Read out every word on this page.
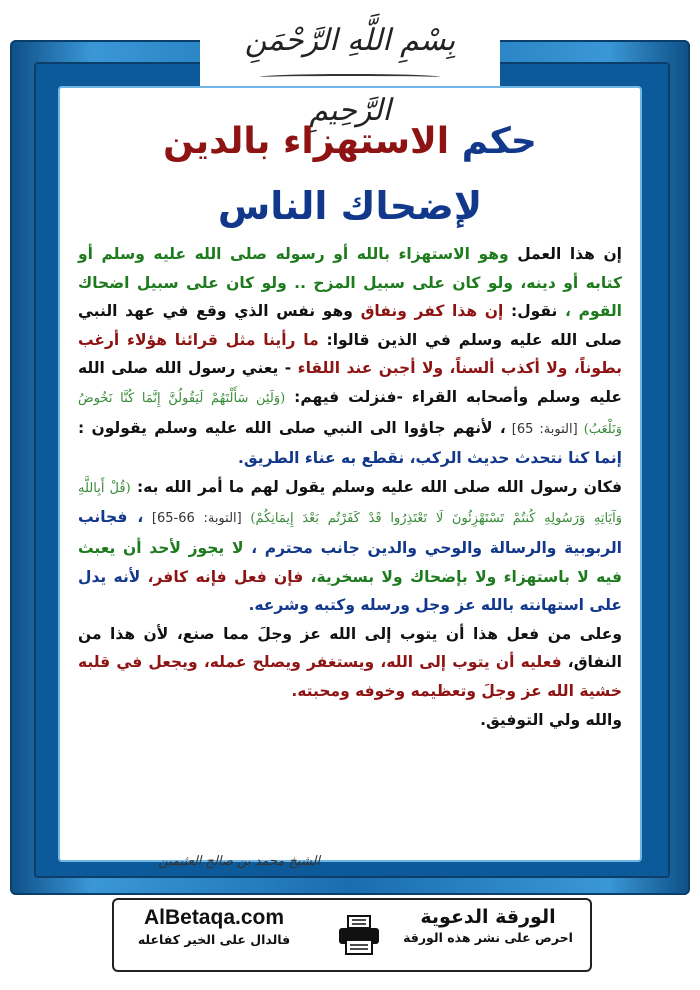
بِسْمِ اللَّهِ الرَّحْمَنِ الرَّحِيمِ
حكم الاستهزاء بالدين
لإضحاك الناس

إن هذا العمل وهو الاستهزاء بالله أو رسوله صلى الله عليه وسلم أو كتابه أو دينه، ولو كان على سبيل المزح .. ولو كان على سبيل اضحاك القوم ، نقول: إن هذا كفر ونفاق وهو نفس الذي وقع في عهد النبي صلى الله عليه وسلم في الذين قالوا: ما رأينا مثل قرائنا هؤلاء أرغب بطوناً، ولا أكذب ألسناً، ولا أجبن عند اللقاء - يعني رسول الله صلى الله عليه وسلم وأصحابه القراء -فنزلت فيهم: (وَلَئِن سَأَلْتَهُمْ لَيَقُولُنَّ إِنَّمَا كُنَّا نَخُوضُ وَنَلْعَبُ) [التوبة: 65] ، لأنهم جاؤوا الى النبي صلى الله عليه وسلم يقولون : إنما كنا نتحدث حديث الركب، نقطع به عناء الطريق.

فكان رسول الله صلى الله عليه وسلم يقول لهم ما أمر الله به: (قُلْ أَبِاللَّهِ وَآيَاتِهِ وَرَسُولِهِ كُنتُمْ تَسْتَهْزِئُونَ لَا تَعْتَذِرُوا قَدْ كَفَرْتُم بَعْدَ إِيمَانِكُمْ) [التوبة: 66-65] ، فجانب الربوبية والرسالة والوحي والدين جانب محترم ، لا يجوز لأحد أن يعبث فيه لا باستهزاء ولا بإضحاك ولا بسخرية، فإن فعل فإنه كافر، لأنه يدل على استهانته بالله عز وجل ورسله وكتبه وشرعه.

وعلى من فعل هذا أن يتوب إلى الله عز وجلَ مما صنع، لأن هذا من النفاق، فعليه أن يتوب إلى الله، ويستغفر ويصلح عمله، ويجعل في قلبه خشية الله عز وجلَ وتعظيمه وخوفه ومحبته.
والله ولي التوفيق.

الشيخ محمد بن صالح العثيمين
AlBetaqa.com
فالدال على الخير كفاعله
الورقة الدعوية
احرص على نشر هذه الورقة
